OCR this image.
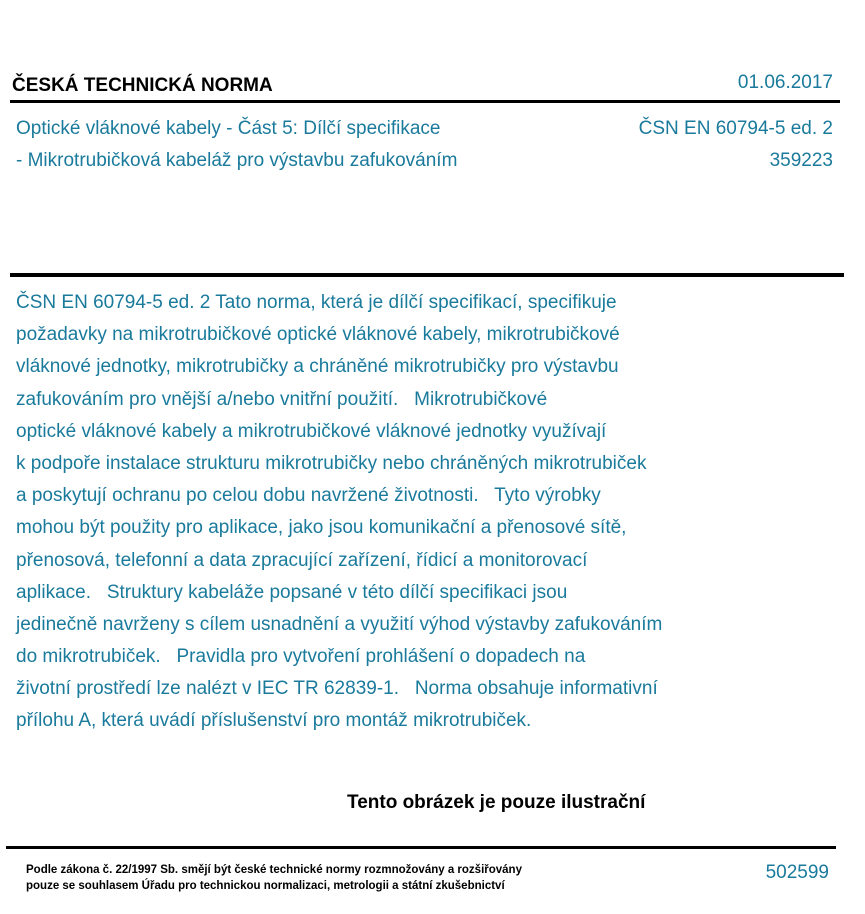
ČESKÁ TECHNICKÁ NORMA	01.06.2017
Optické vláknové kabely - Část 5: Dílčí specifikace
- Mikrotrubičková kabeláž pro výstavbu zafukováním
ČSN EN 60794-5 ed. 2
359223
ČSN EN 60794-5 ed. 2 Tato norma, která je dílčí specifikací, specifikuje
požadavky na mikrotrubičkové optické vláknové kabely, mikrotrubičkové
vláknové jednotky, mikrotrubičky a chráněné mikrotrubičky pro výstavbu
zafukováním pro vnější a/nebo vnitřní použití.   Mikrotrubičkové
optické vláknové kabely a mikrotrubičkové vláknové jednotky využívají
k podpoře instalace strukturu mikrotrubičky nebo chráněných mikrotrubiček
a poskytují ochranu po celou dobu navržené životnosti.   Tyto výrobky
mohou být použity pro aplikace, jako jsou komunikační a přenosové sítě,
přenosová, telefonní a data zpracující zařízení, řídicí a monitorovací
aplikace.   Struktury kabeláže popsané v této dílčí specifikaci jsou
jedinečně navrženy s cílem usnadnění a využití výhod výstavby zafukováním
do mikrotrubiček.   Pravidla pro vytvoření prohlášení o dopadech na
životní prostředí lze nalézt v IEC TR 62839-1.   Norma obsahuje informativní
přílohu A, která uvádí příslušenství pro montáž mikrotrubiček.
Tento obrázek je pouze ilustrační
Podle zákona č. 22/1997 Sb. smějí být české technické normy rozmnožovány a rozšiřovány
pouze se souhlasem Úřadu pro technickou normalizaci, metrologii a státní zkušebnictví
502599
